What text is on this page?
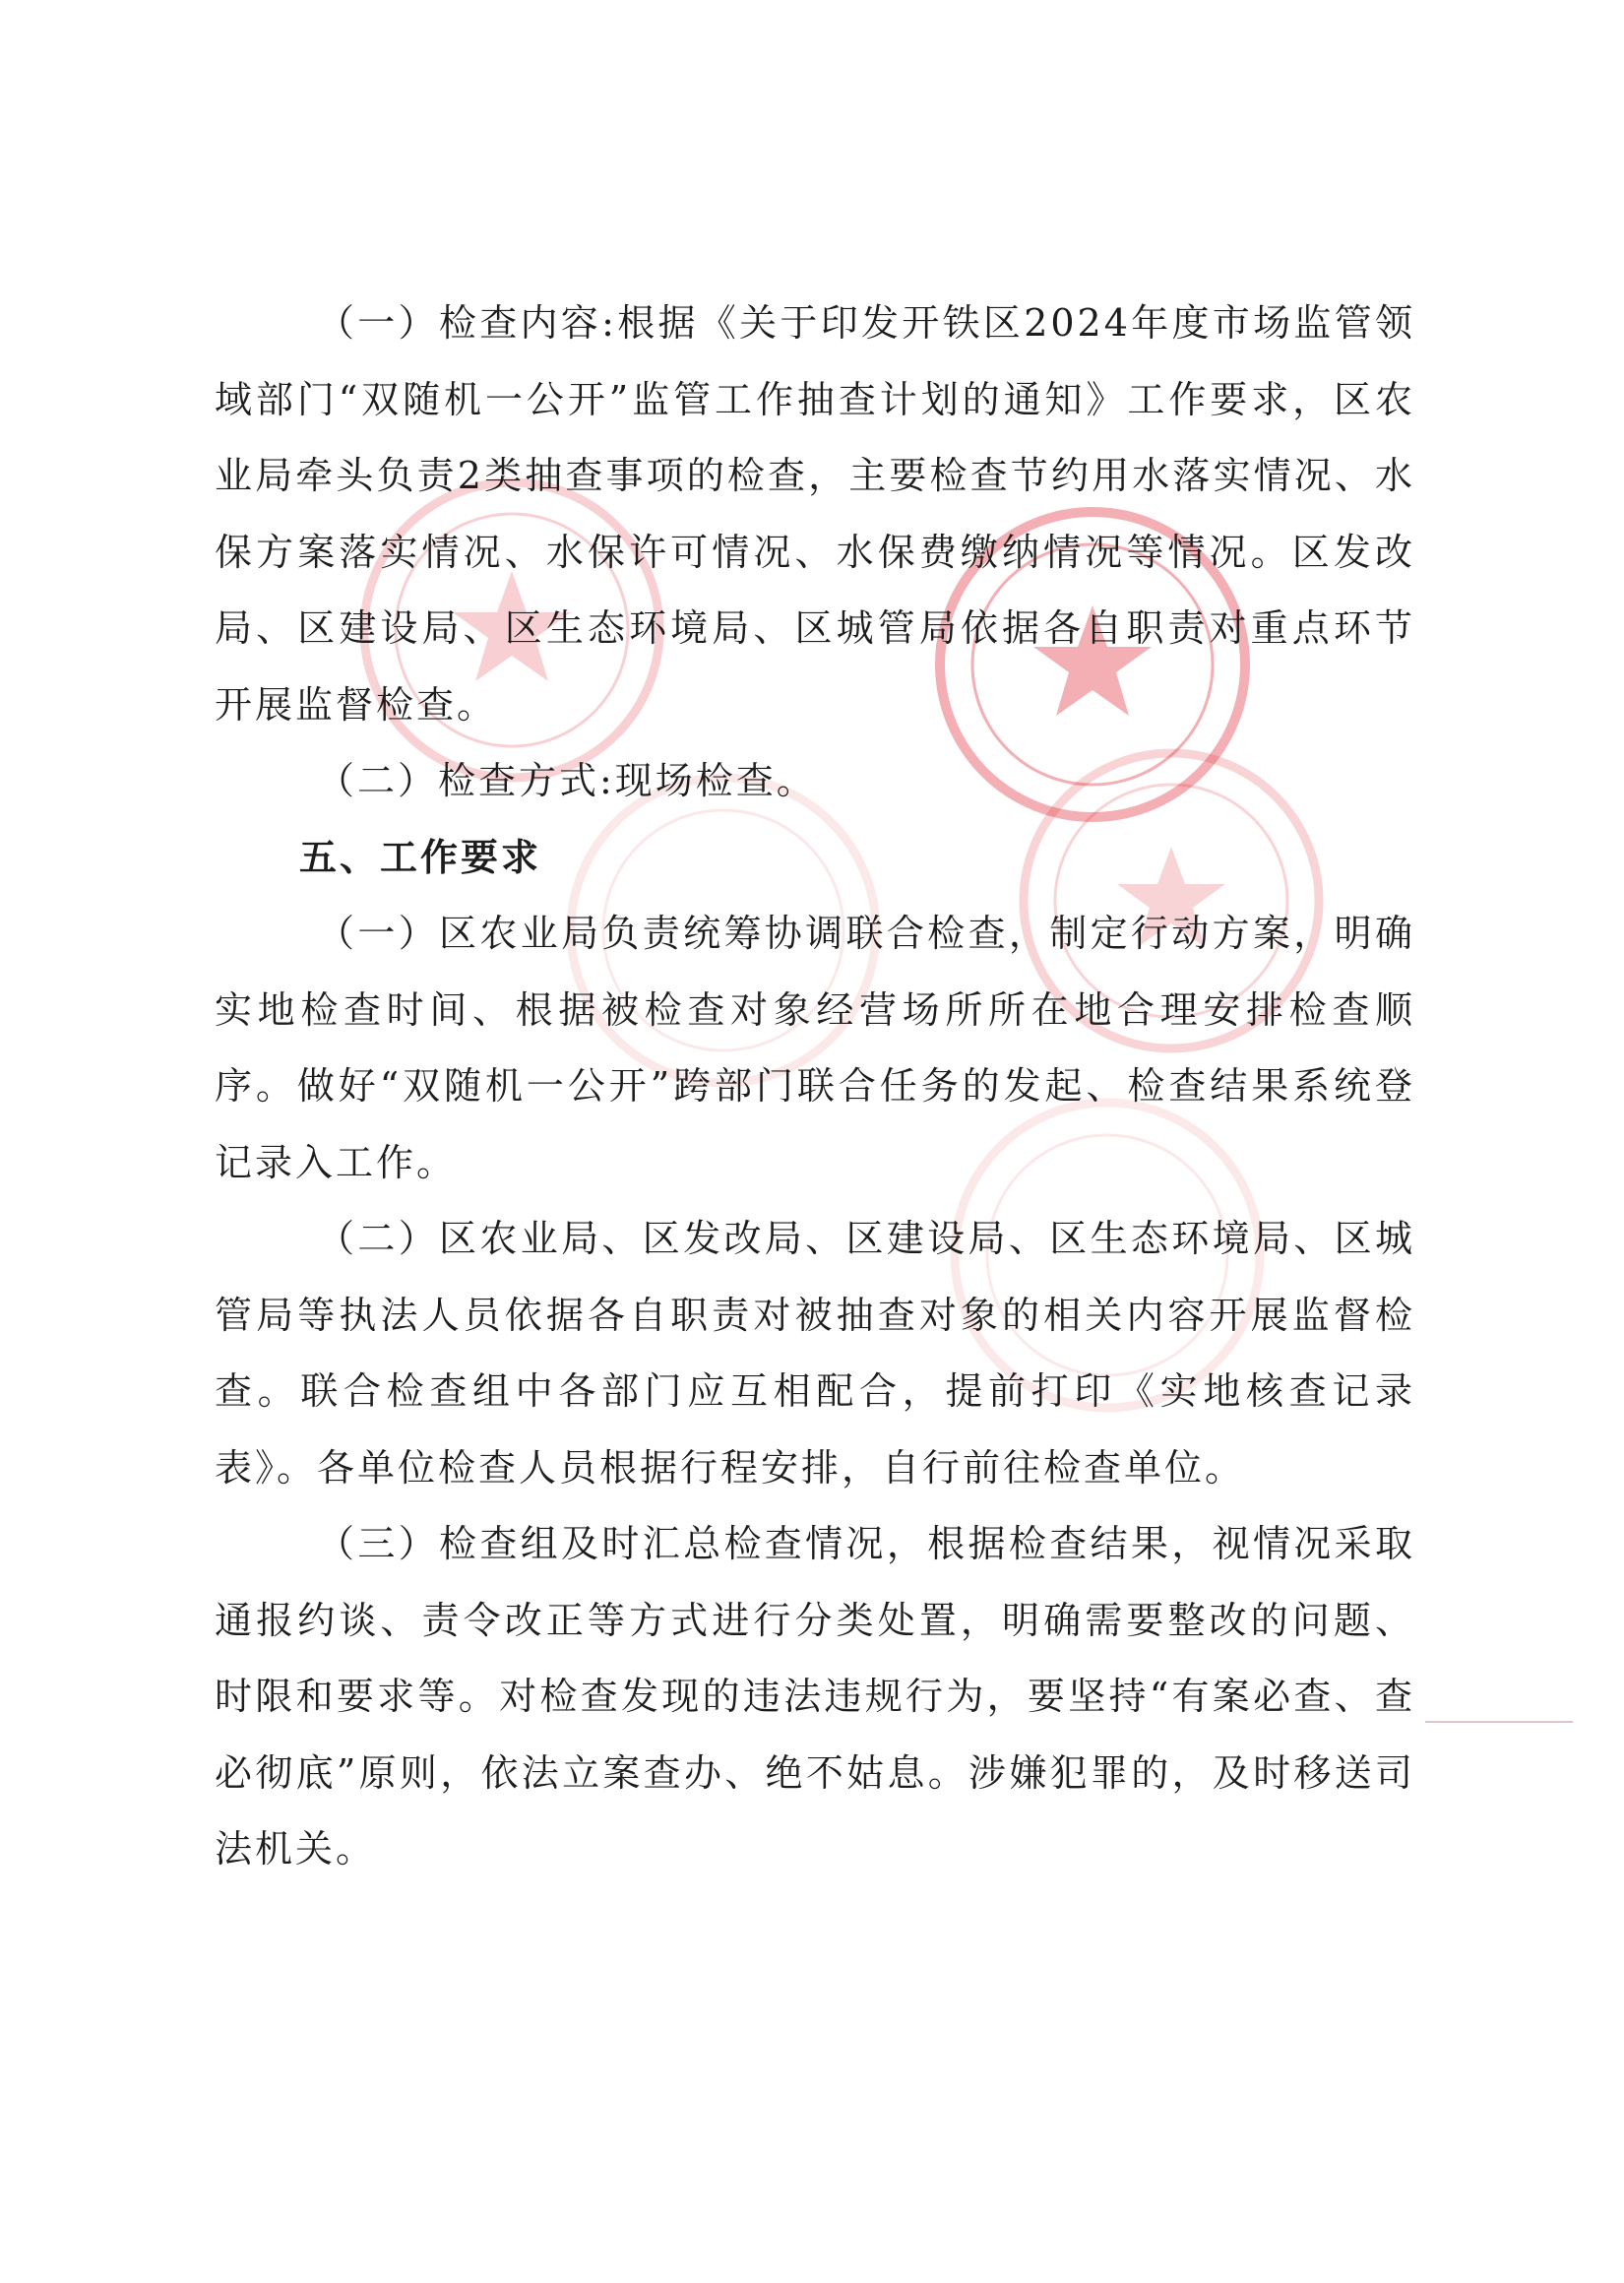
（一）检查内容:根据《关于印发开铁区2024年度市场监管领域部门“双随机一公开”监管工作抽查计划的通知》工作要求，区农业局牵头负责2类抽查事项的检查，主要检查节约用水落实情况、水保方案落实情况、水保许可情况、水保费缴纳情况等情况。区发改局、区建设局、区生态环境局、区城管局依据各自职责对重点环节开展监督检查。

（二）检查方式:现场检查。

五、工作要求

（一）区农业局负责统筹协调联合检查，制定行动方案，明确实地检查时间、根据被检查对象经营场所所在地合理安排检查顺序。做好“双随机一公开”跨部门联合任务的发起、检查结果系统登记录入工作。

（二）区农业局、区发改局、区建设局、区生态环境局、区城管局等执法人员依据各自职责对被抽查对象的相关内容开展监督检查。联合检查组中各部门应互相配合，提前打印《实地核查记录表》。各单位检查人员根据行程安排，自行前往检查单位。

（三）检查组及时汇总检查情况，根据检查结果，视情况采取通报约谈、责令改正等方式进行分类处置，明确需要整改的问题、时限和要求等。对检查发现的违法违规行为，要坚持“有案必查、查必彻底”原则，依法立案查办、绝不姑息。涉嫌犯罪的，及时移送司法机关。
